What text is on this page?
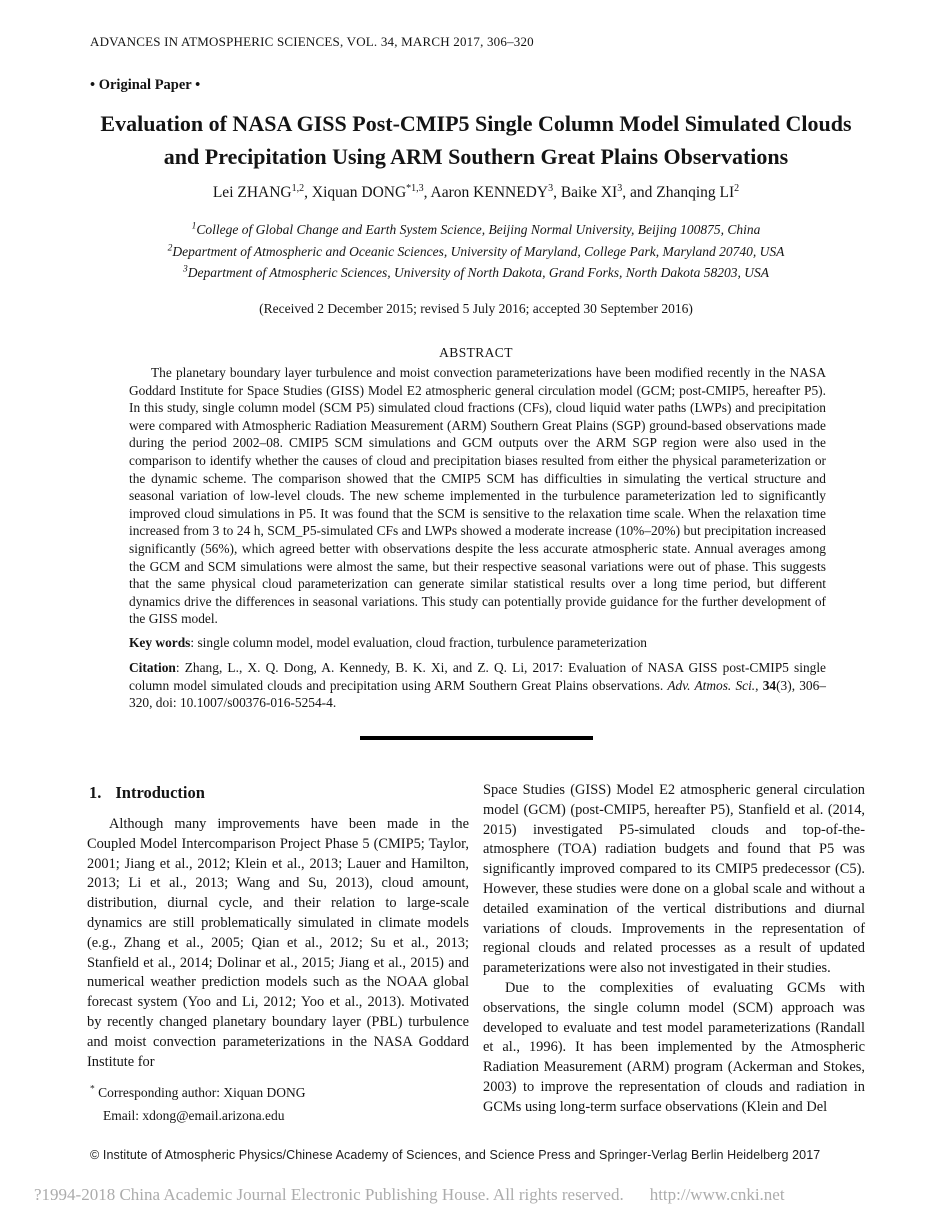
ADVANCES IN ATMOSPHERIC SCIENCES, VOL. 34, MARCH 2017, 306–320
• Original Paper •
Evaluation of NASA GISS Post-CMIP5 Single Column Model Simulated Clouds
and Precipitation Using ARM Southern Great Plains Observations
Lei ZHANG$^{1,2}$, Xiquan DONG$^{*1,3}$, Aaron KENNEDY$^3$, Baike $XI^3$, and Zhanqing $LI^2$
$^1$College of Global Change and Earth System Science, Beijing Normal University, Beijing 100875, China
$^2$Department of Atmospheric and Oceanic Sciences, University of Maryland, College Park, Maryland 20740, USA
$^3$Department of Atmospheric Sciences, University of North Dakota, Grand Forks, North Dakota 58203, USA
(Received 2 December 2015; revised 5 July 2016; accepted 30 September 2016)
ABSTRACT
The planetary boundary layer turbulence and moist convection parameterizations have been modified recently in the NASA Goddard Institute for Space Studies (GISS) Model E2 atmospheric general circulation model (GCM; post-CMIP5, hereafter P5). In this study, single column model (SCM P5) simulated cloud fractions (CFs), cloud liquid water paths (LWPs) and precipitation were compared with Atmospheric Radiation Measurement (ARM) Southern Great Plains (SGP) ground-based observations made during the period 2002–08. CMIP5 SCM simulations and GCM outputs over the ARM SGP region were also used in the comparison to identify whether the causes of cloud and precipitation biases resulted from either the physical parameterization or the dynamic scheme. The comparison showed that the CMIP5 SCM has difficulties in simulating the vertical structure and seasonal variation of low-level clouds. The new scheme implemented in the turbulence parameterization led to significantly improved cloud simulations in P5. It was found that the SCM is sensitive to the relaxation time scale. When the relaxation time increased from 3 to 24 h, SCM_P5-simulated CFs and LWPs showed a moderate increase (10%–20%) but precipitation increased significantly (56%), which agreed better with observations despite the less accurate atmospheric state. Annual averages among the GCM and SCM simulations were almost the same, but their respective seasonal variations were out of phase. This suggests that the same physical cloud parameterization can generate similar statistical results over a long time period, but different dynamics drive the differences in seasonal variations. This study can potentially provide guidance for the further development of the GISS model.
Key words: single column model, model evaluation, cloud fraction, turbulence parameterization
Citation: Zhang, L., X. Q. Dong, A. Kennedy, B. K. Xi, and Z. Q. Li, 2017: Evaluation of NASA GISS post-CMIP5 single column model simulated clouds and precipitation using ARM Southern Great Plains observations. Adv. Atmos. Sci., 34(3), 306–320, doi: 10.1007/s00376-016-5254-4.
1. Introduction

Although many improvements have been made in the Coupled Model Intercomparison Project Phase 5 (CMIP5; Taylor, 2001; Jiang et al., 2012; Klein et al., 2013; Lauer and Hamilton, 2013; Li et al., 2013; Wang and Su, 2013), cloud amount, distribution, diurnal cycle, and their relation to large-scale dynamics are still problematically simulated in climate models (e.g., Zhang et al., 2005; Qian et al., 2012; Su et al., 2013; Stanfield et al., 2014; Dolinar et al., 2015; Jiang et al., 2015) and numerical weather prediction models such as the NOAA global forecast system (Yoo and Li, 2012; Yoo et al., 2013). Motivated by recently changed planetary boundary layer (PBL) turbulence and moist convection parameterizations in the NASA Goddard Institute for

Space Studies (GISS) Model E2 atmospheric general circulation model (GCM) (post-CMIP5, hereafter P5), Stanfield et al. (2014, 2015) investigated P5-simulated clouds and top-of-the-atmosphere (TOA) radiation budgets and found that P5 was significantly improved compared to its CMIP5 predecessor (C5). However, these studies were done on a global scale and without a detailed examination of the vertical distributions and diurnal variations of clouds. Improvements in the representation of regional clouds and related processes as a result of updated parameterizations were also not investigated in their studies.

Due to the complexities of evaluating GCMs with observations, the single column model (SCM) approach was developed to evaluate and test model parameterizations (Randall et al., 1996). It has been implemented by the Atmospheric Radiation Measurement (ARM) program (Ackerman and Stokes, 2003) to improve the representation of clouds and radiation in GCMs using long-term surface observations (Klein and Del

* Corresponding author: Xiquan DONG
Email: xdong@email.arizona.edu
© Institute of Atmospheric Physics/Chinese Academy of Sciences, and Science Press and Springer-Verlag Berlin Heidelberg 2017
?1994-2018 China Academic Journal Electronic Publishing House. All rights reserved. http://www.cnki.net
